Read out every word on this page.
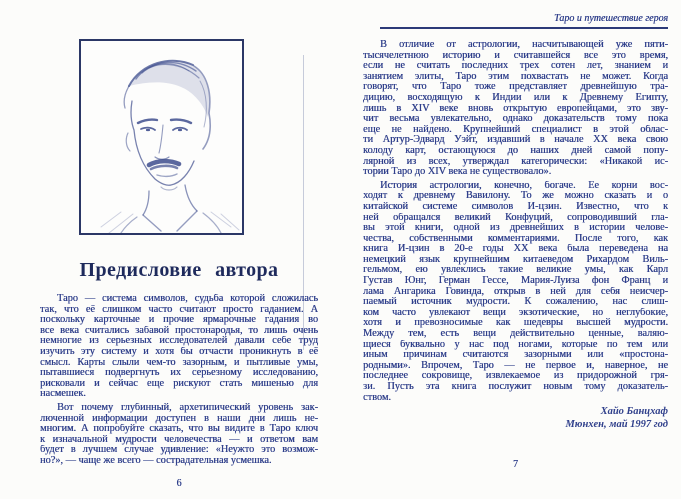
Предисловие автора
Таро — система символов, судьба которой сложилась
так, что её слишком часто считают просто гаданием. А
поскольку карточные и прочие ярмарочные гадания во
все века считались забавой простонародья, то лишь очень
немногие из серьезных исследователей давали себе труд
изучить эту систему и хотя бы отчасти проникнуть в её
смысл. Карты слыли чем-то зазорным, и пытливые умы,
пытавшиеся подвергнуть их серьезному исследованию,
рисковали и сейчас еще рискуют стать мишенью для
насмешек.
Вот почему глубинный, архетипический уровень зак-
люченной информации доступен в наши дни лишь не-
многим. А попробуйте сказать, что вы видите в Таро ключ
к изначальной мудрости человечества — и ответом вам
будет в лучшем случае удивление: «Неужто это возмож-
но?», — чаще же всего — сострадательная усмешка.
6
Таро и путешествие героя
В отличие от астрологии, насчитывающей уже пяти-
тысячелетнюю историю и считавшейся все это время,
если не считать последних трех сотен лет, знанием и
занятием элиты, Таро этим похвастать не может. Когда
говорят, что Таро тоже представляет древнейшую тра-
дицию, восходящую к Индии или к Древнему Египту,
лишь в XIV веке вновь открытую европейцами, это зву-
чит весьма увлекательно, однако доказательств тому пока
еще не найдено. Крупнейший специалист в этой облас-
ти Артур-Эдвард Уэйт, издавший в начале XX века свою
колоду карт, остающуюся до наших дней самой попу-
лярной из всех, утверждал категорически: «Никакой ис-
тории Таро до XIV века не существовало».
История астрологии, конечно, богаче. Ее корни вос-
ходят к древнему Вавилону. То же можно сказать и о
китайской системе символов И-цзин. Известно, что к
ней обращался великий Конфуций, сопроводивший гла-
вы этой книги, одной из древнейших в истории челове-
чества, собственными комментариями. После того, как
книга И-цзин в 20-е годы XX века была переведена на
немецкий язык крупнейшим китаеведом Рихардом Виль-
гельмом, ею увлеклись такие великие умы, как Карл
Густав Юнг, Герман Гессе, Мария-Луиза фон Франц и
лама Ангарика Говинда, открыв в ней для себя неисчер-
паемый источник мудрости. К сожалению, нас слиш-
ком часто увлекают вещи экзотические, но неглубокие,
хотя и превозносимые как шедевры высшей мудрости.
Между тем, есть вещи действительно ценные, валяю-
щиеся буквально у нас под ногами, которые по тем или
иным причинам считаются зазорными или «простона-
родными». Впрочем, Таро — не первое и, наверное, не
последнее сокровище, извлекаемое из придорожной гря-
зи. Пусть эта книга послужит новым тому доказатель-
ством.
Хайо Банцхаф
Мюнхен, май 1997 год
7
